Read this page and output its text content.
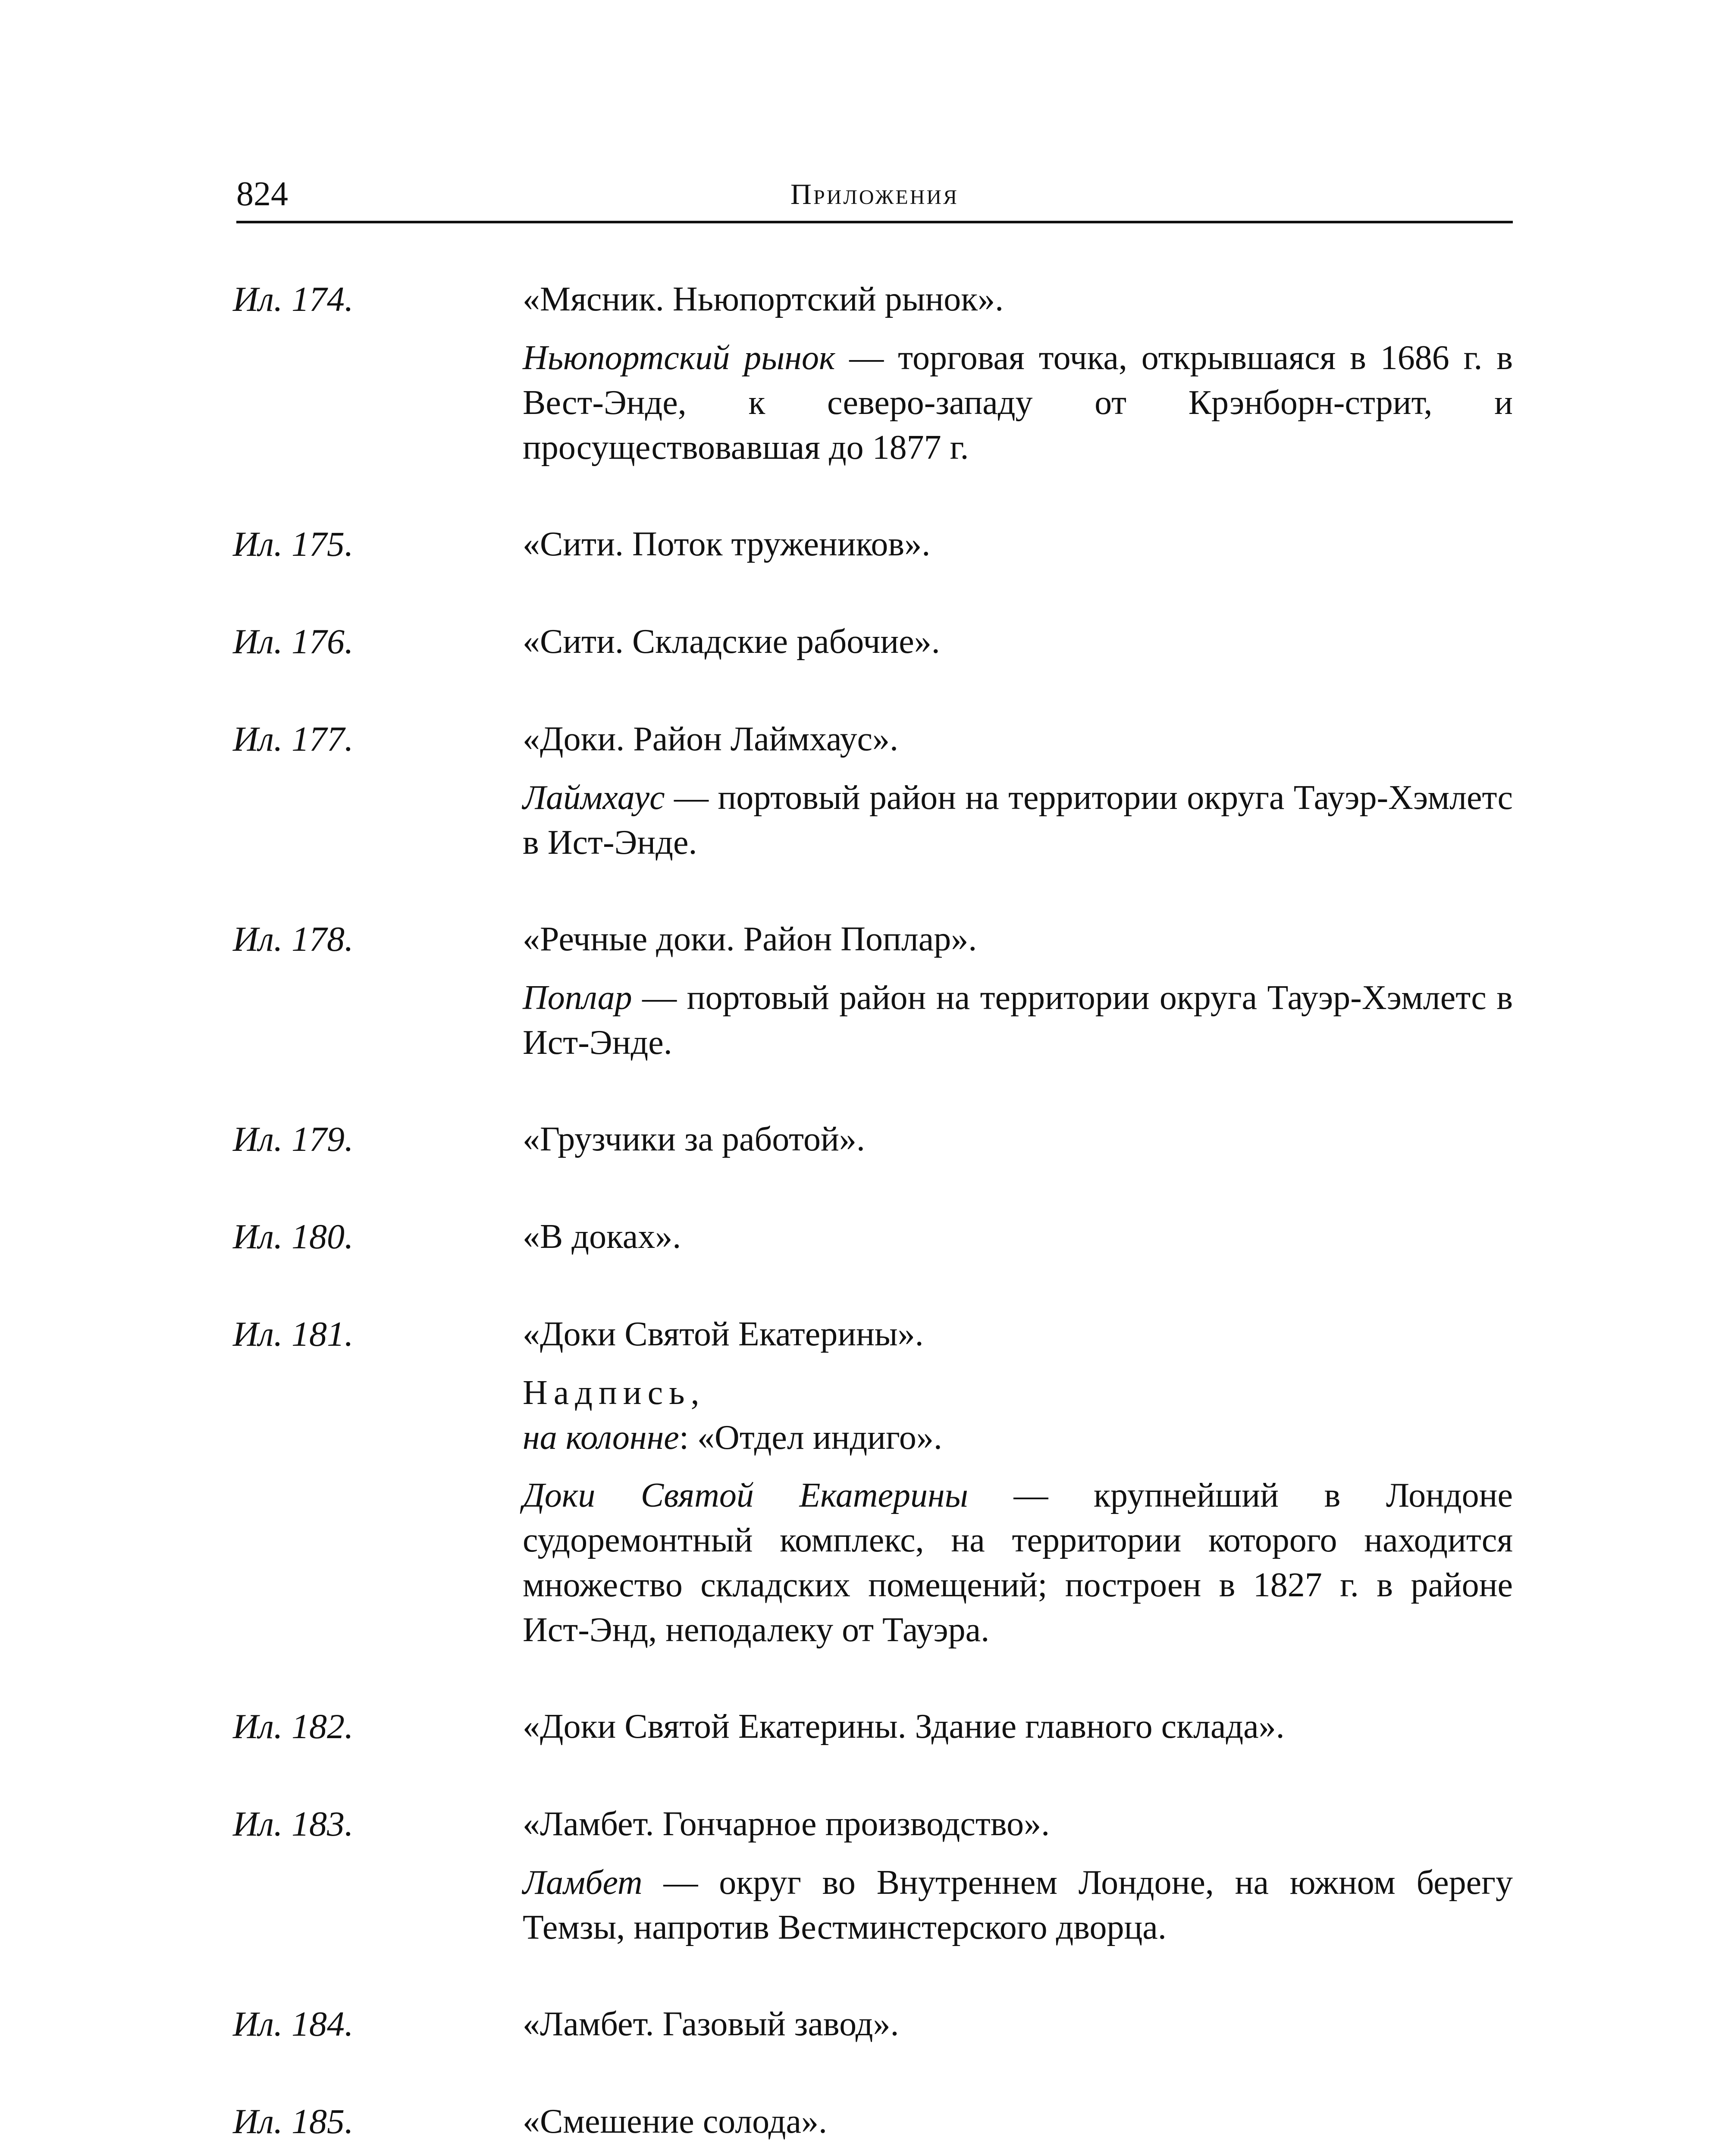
824	Приложения
Ил. 174.	«Мясник. Ньюпортский рынок».
Ньюпортский рынок — торговая точка, открывшаяся в 1686 г. в Вест-Энде, к северо-западу от Крэнборн-стрит, и просуществовавшая до 1877 г.
Ил. 175.	«Сити. Поток тружеников».
Ил. 176.	«Сити. Складские рабочие».
Ил. 177.	«Доки. Район Лаймхаус».
Лаймхаус — портовый район на территории округа Тауэр-Хэмлетс в Ист-Энде.
Ил. 178.	«Речные доки. Район Поплар».
Поплар — портовый район на территории округа Тауэр-Хэмлетс в Ист-Энде.
Ил. 179.	«Грузчики за работой».
Ил. 180.	«В доках».
Ил. 181.	«Доки Святой Екатерины».
Надпись,
на колонне: «Отдел индиго».
Доки Святой Екатерины — крупнейший в Лондоне судоремонтный комплекс, на территории которого находится множество складских помещений; построен в 1827 г. в районе Ист-Энд, неподалеку от Тауэра.
Ил. 182.	«Доки Святой Екатерины. Здание главного склада».
Ил. 183.	«Ламбет. Гончарное производство».
Ламбет — округ во Внутреннем Лондоне, на южном берегу Темзы, напротив Вестминстерского дворца.
Ил. 184.	«Ламбет. Газовый завод».
Ил. 185.	«Смешение солода».
